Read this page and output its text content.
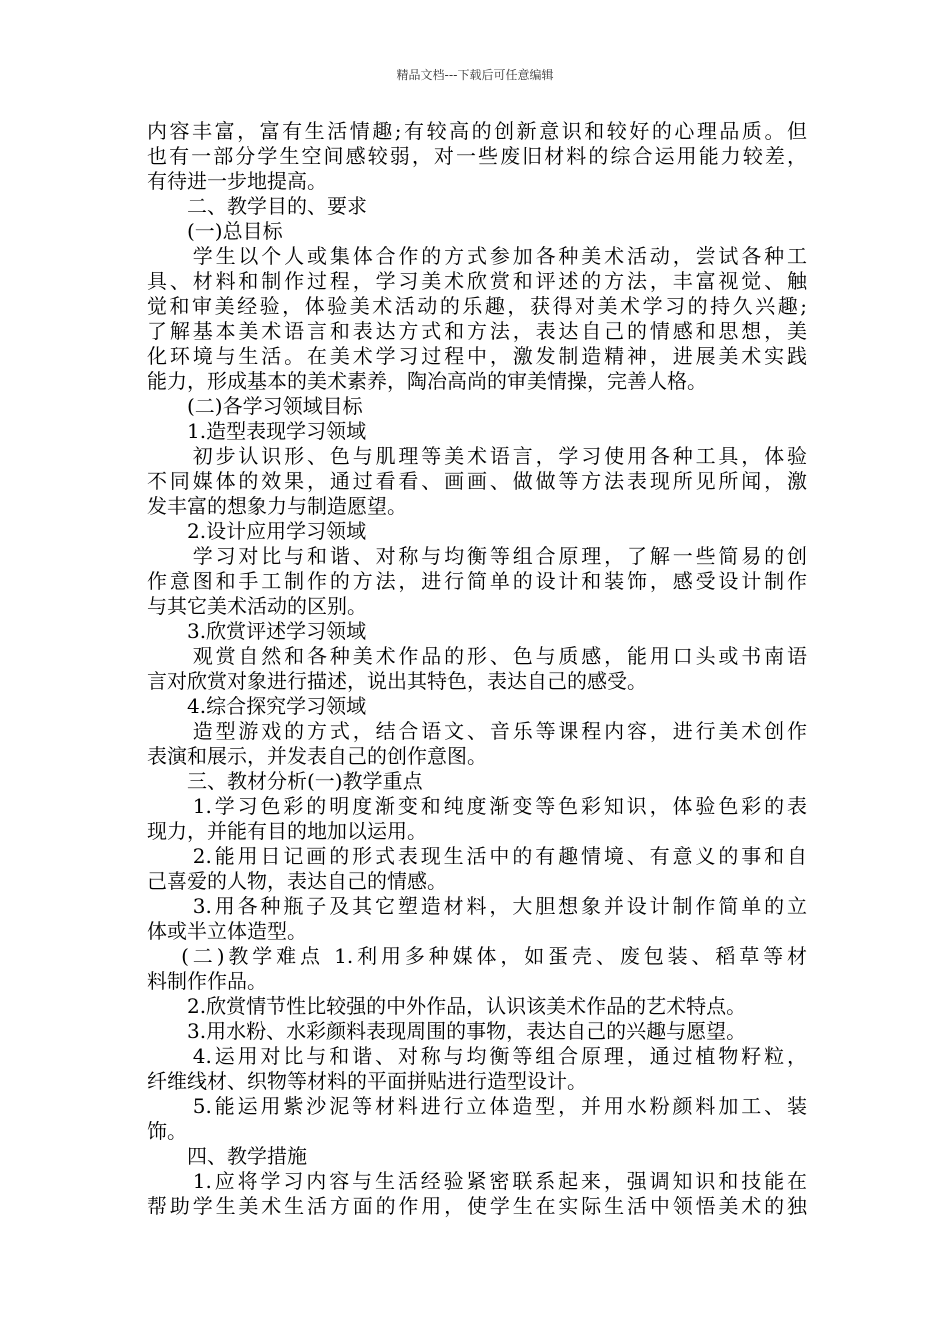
精品文档---下载后可任意编辑
内容丰富，富有生活情趣;有较高的创新意识和较好的心理品质。但
也有一部分学生空间感较弱，对一些废旧材料的综合运用能力较差，
有待进一步地提高。
　　二、教学目的、要求
　　(一)总目标
　　学生以个人或集体合作的方式参加各种美术活动，尝试各种工
具、材料和制作过程，学习美术欣赏和评述的方法，丰富视觉、触
觉和审美经验，体验美术活动的乐趣，获得对美术学习的持久兴趣;
了解基本美术语言和表达方式和方法，表达自己的情感和思想，美
化环境与生活。在美术学习过程中，激发制造精神，进展美术实践
能力，形成基本的美术素养，陶冶高尚的审美情操，完善人格。
　　(二)各学习领域目标
　　1.造型表现学习领域
　　初步认识形、色与肌理等美术语言，学习使用各种工具，体验
不同媒体的效果，通过看看、画画、做做等方法表现所见所闻，激
发丰富的想象力与制造愿望。
　　2.设计应用学习领域
　　学习对比与和谐、对称与均衡等组合原理，了解一些简易的创
作意图和手工制作的方法，进行简单的设计和装饰，感受设计制作
与其它美术活动的区别。
　　3.欣赏评述学习领域
　　观赏自然和各种美术作品的形、色与质感，能用口头或书南语
言对欣赏对象进行描述，说出其特色，表达自己的感受。
　　4.综合探究学习领域
　　造型游戏的方式，结合语文、音乐等课程内容，进行美术创作
表演和展示，并发表自己的创作意图。
　　三、教材分析(一)教学重点
　　1.学习色彩的明度渐变和纯度渐变等色彩知识，体验色彩的表
现力，并能有目的地加以运用。
　　2.能用日记画的形式表现生活中的有趣情境、有意义的事和自
己喜爱的人物，表达自己的情感。
　　3.用各种瓶子及其它塑造材料，大胆想象并设计制作简单的立
体或半立体造型。
　 (二)教学难点 1.利用多种媒体，如蛋壳、废包装、稻草等材
料制作作品。
　　2.欣赏情节性比较强的中外作品，认识该美术作品的艺术特点。
　　3.用水粉、水彩颜料表现周围的事物，表达自己的兴趣与愿望。
　　4.运用对比与和谐、对称与均衡等组合原理，通过植物籽粒，
纤维线材、织物等材料的平面拼贴进行造型设计。
　　5.能运用紫沙泥等材料进行立体造型，并用水粉颜料加工、装
饰。
　　四、教学措施
　　1.应将学习内容与生活经验紧密联系起来，强调知识和技能在
帮助学生美术生活方面的作用，使学生在实际生活中领悟美术的独
